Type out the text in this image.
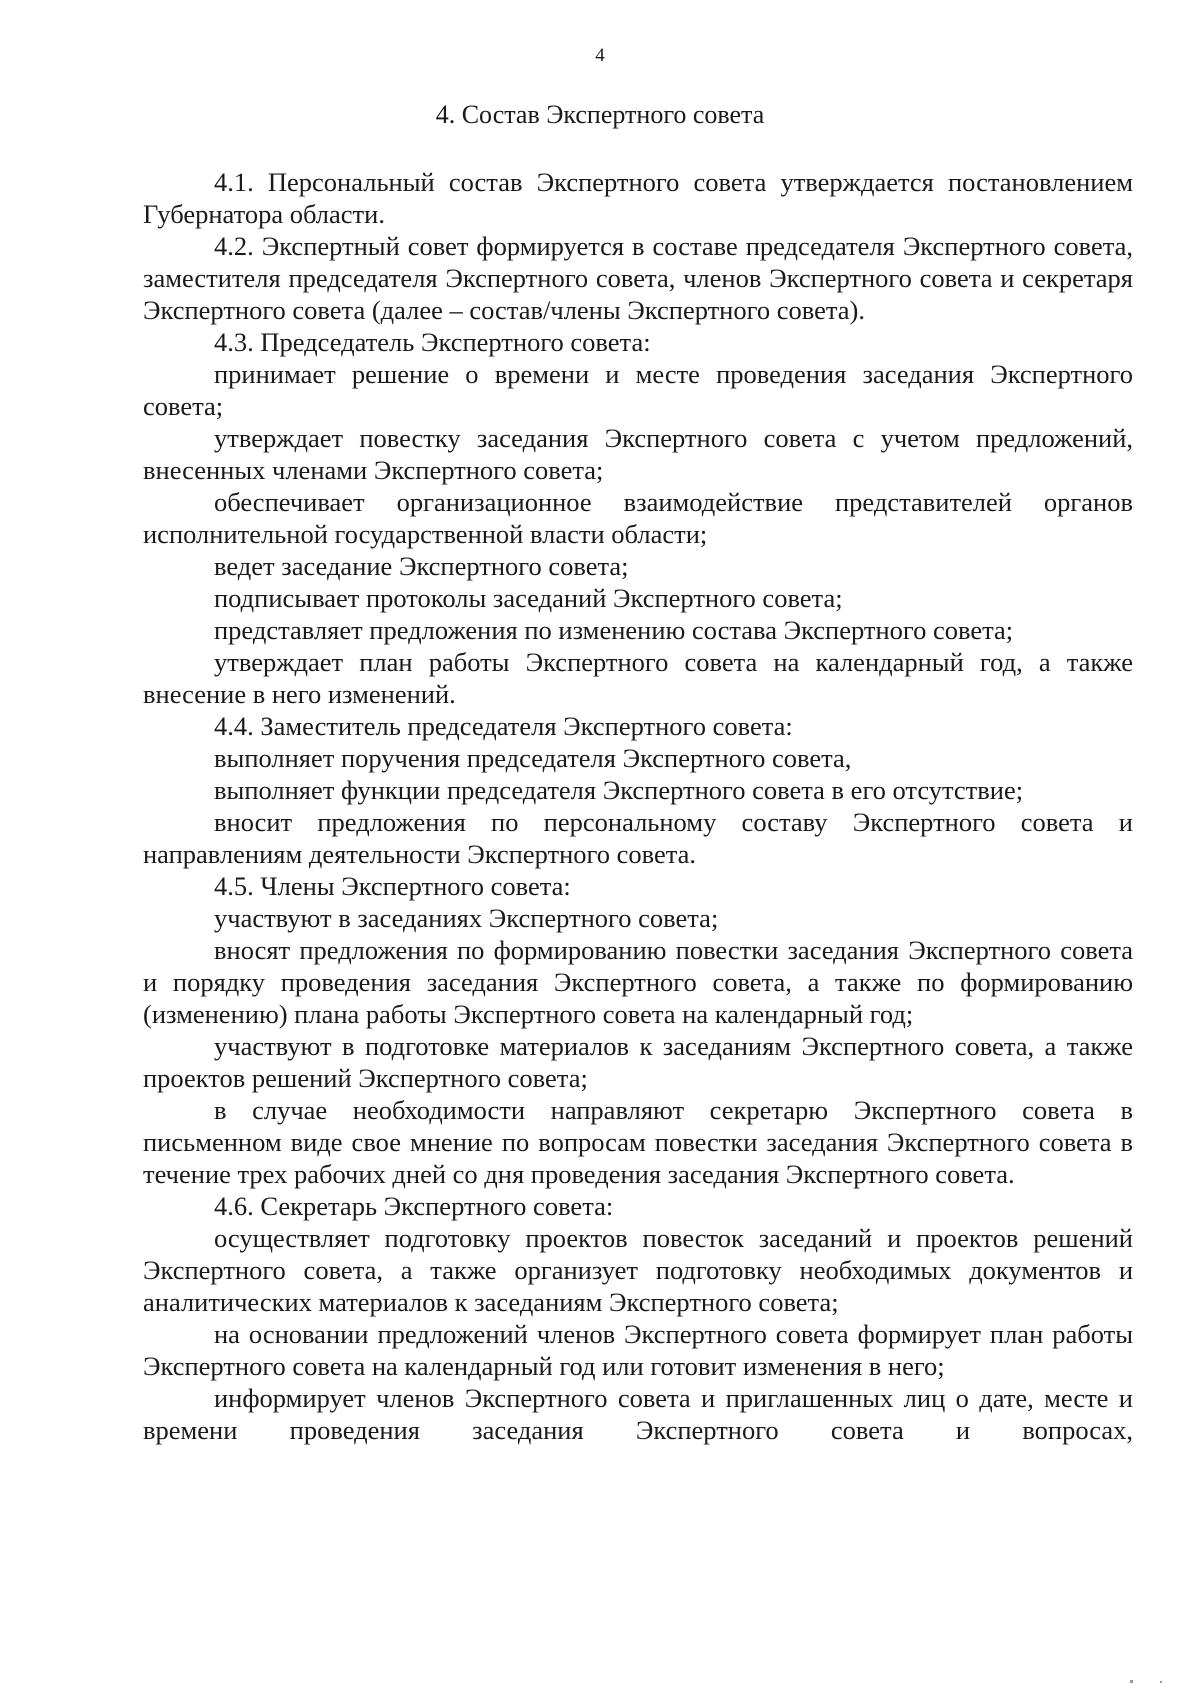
4
4. Состав Экспертного совета

4.1. Персональный состав Экспертного совета утверждается постановлением Губернатора области.

4.2. Экспертный совет формируется в составе председателя Экспертного совета, заместителя председателя Экспертного совета, членов Экспертного совета и секретаря Экспертного совета (далее – состав/члены Экспертного совета).

4.3. Председатель Экспертного совета:

принимает решение о времени и месте проведения заседания Экспертного совета;

утверждает повестку заседания Экспертного совета с учетом предложений, внесенных членами Экспертного совета;

обеспечивает организационное взаимодействие представителей органов исполнительной государственной власти области;

ведет заседание Экспертного совета;

подписывает протоколы заседаний Экспертного совета;

представляет предложения по изменению состава Экспертного совета;

утверждает план работы Экспертного совета на календарный год, а также внесение в него изменений.

4.4. Заместитель председателя Экспертного совета:

выполняет поручения председателя Экспертного совета,

выполняет функции председателя Экспертного совета в его отсутствие;

вносит предложения по персональному составу Экспертного совета и направлениям деятельности Экспертного совета.

4.5. Члены Экспертного совета:

участвуют в заседаниях Экспертного совета;

вносят предложения по формированию повестки заседания Экспертного совета и порядку проведения заседания Экспертного совета, а также по формированию (изменению) плана работы Экспертного совета на календарный год;

участвуют в подготовке материалов к заседаниям Экспертного совета, а также проектов решений Экспертного совета;

в случае необходимости направляют секретарю Экспертного совета в письменном виде свое мнение по вопросам повестки заседания Экспертного совета в течение трех рабочих дней со дня проведения заседания Экспертного совета.

4.6. Секретарь Экспертного совета:

осуществляет подготовку проектов повесток заседаний и проектов решений Экспертного совета, а также организует подготовку необходимых документов и аналитических материалов к заседаниям Экспертного совета;

на основании предложений членов Экспертного совета формирует план работы Экспертного совета на календарный год или готовит изменения в него;

информирует членов Экспертного совета и приглашенных лиц о дате, месте и времени проведения заседания Экспертного совета и вопросах,
